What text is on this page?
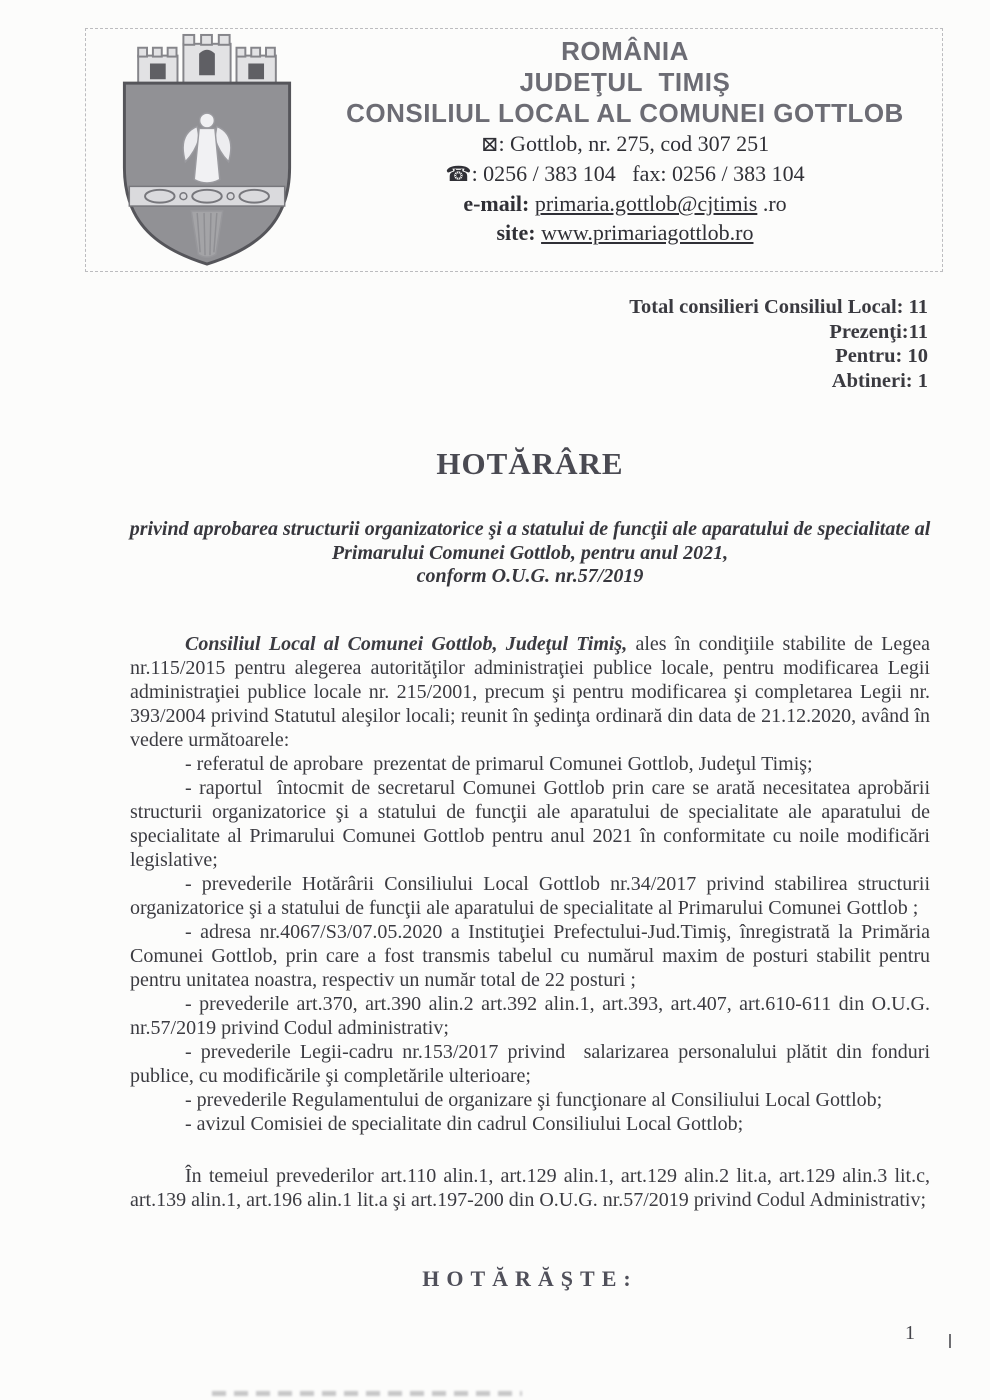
ROMÂNIA
JUDEŢUL  TIMIŞ
CONSILIUL LOCAL AL COMUNEI GOTTLOB
⊠: Gottlob, nr. 275, cod 307 251
☎: 0256 / 383 104   fax: 0256 / 383 104
e-mail: primaria.gottlob@cjtimis .ro
site: www.primariagottlob.ro
Total consilieri Consiliul Local: 11
Prezenţi:11
Pentru: 10
Abtineri: 1
HOTĂRÂRE
privind aprobarea structurii organizatorice şi a statului de funcţii ale aparatului de specialitate al
Primarului Comunei Gottlob, pentru anul 2021,
conform O.U.G. nr.57/2019

Consiliul Local al Comunei Gottlob, Judeţul Timiş, ales în condiţiile stabilite de Legea nr.115/2015 pentru alegerea autorităţilor administraţiei publice locale, pentru modificarea Legii administraţiei publice locale nr. 215/2001, precum şi pentru modificarea şi completarea Legii nr. 393/2004 privind Statutul aleşilor locali; reunit în şedinţa ordinară din data de 21.12.2020, având în vedere următoarele:

- referatul de aprobare  prezentat de primarul Comunei Gottlob, Judeţul Timiş;

- raportul  întocmit de secretarul Comunei Gottlob prin care se arată necesitatea aprobării structurii organizatorice şi a statului de funcţii ale aparatului de specialitate ale aparatului de specialitate al Primarului Comunei Gottlob pentru anul 2021 în conformitate cu noile modificări legislative;

- prevederile Hotărârii Consiliului Local Gottlob nr.34/2017 privind stabilirea structurii organizatorice şi a statului de funcţii ale aparatului de specialitate al Primarului Comunei Gottlob ;

- adresa nr.4067/S3/07.05.2020 a Instituţiei Prefectului-Jud.Timiş, înregistrată la Primăria Comunei Gottlob, prin care a fost transmis tabelul cu numărul maxim de posturi stabilit pentru pentru unitatea noastra, respectiv un număr total de 22 posturi ;

- prevederile art.370, art.390 alin.2 art.392 alin.1, art.393, art.407, art.610-611 din O.U.G. nr.57/2019 privind Codul administrativ;

- prevederile Legii-cadru nr.153/2017 privind  salarizarea personalului plătit din fonduri publice, cu modificările şi completările ulterioare;

- prevederile Regulamentului de organizare şi funcţionare al Consiliului Local Gottlob;

- avizul Comisiei de specialitate din cadrul Consiliului Local Gottlob;

În temeiul prevederilor art.110 alin.1, art.129 alin.1, art.129 alin.2 lit.a, art.129 alin.3 lit.c, art.139 alin.1, art.196 alin.1 lit.a şi art.197-200 din O.U.G. nr.57/2019 privind Codul Administrativ;

HOTĂRĂŞTE:
1
